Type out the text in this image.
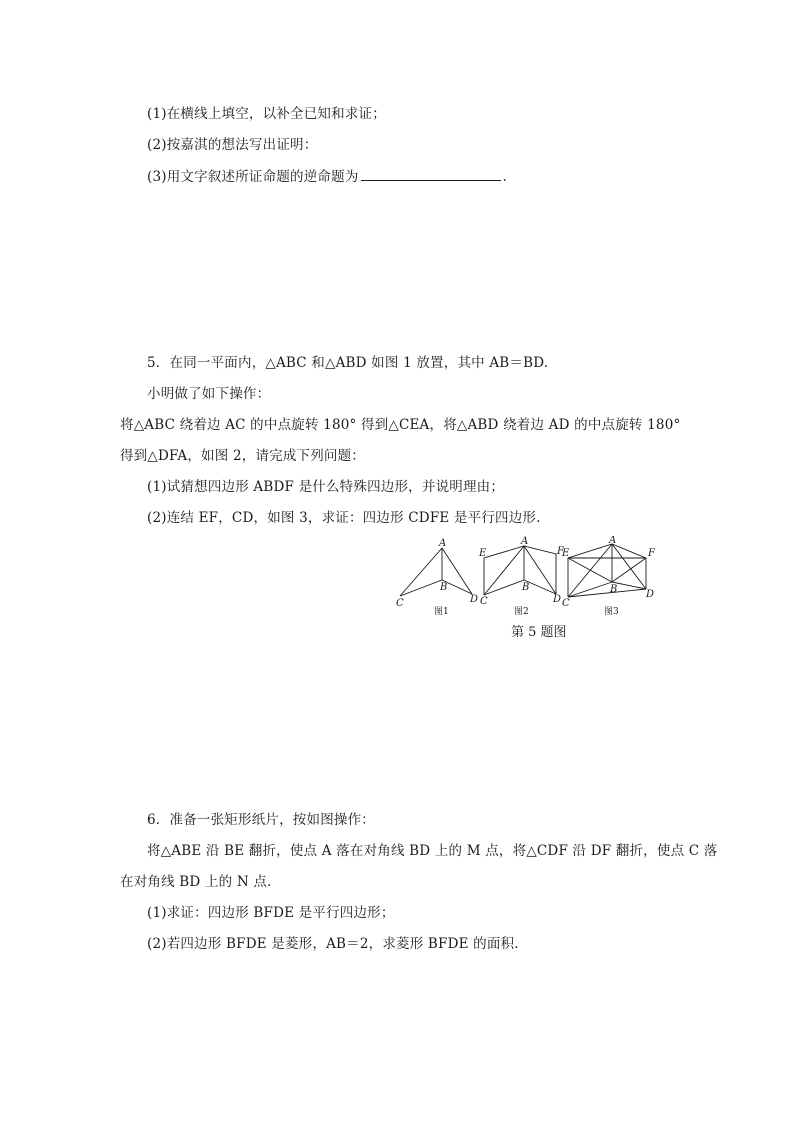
(1)在横线上填空，以补全已知和求证；
(2)按嘉淇的想法写出证明：
(3)用文字叙述所证命题的逆命题为	.
5．在同一平面内，△ABC 和△ABD 如图 1 放置，其中 AB＝BD.
小明做了如下操作：
将△ABC 绕着边 AC 的中点旋转 180° 得到△CEA，将△ABD 绕着边 AD 的中点旋转 180°
得到△DFA，如图 2，请完成下列问题：
(1)试猜想四边形 ABDF 是什么特殊四边形，并说明理由；
(2)连结 EF，CD，如图 3，求证：四边形 CDFE 是平行四边形.
A
B
C	D
E
A
F
B
C	D
E
A
F
B
C
D
图1	图2	图3
第 5 题图
6．准备一张矩形纸片，按如图操作：
将△ABE 沿 BE 翻折，使点 A 落在对角线 BD 上的 M 点，将△CDF 沿 DF 翻折，使点 C 落
在对角线 BD 上的 N 点.
(1)求证：四边形 BFDE 是平行四边形；
(2)若四边形 BFDE 是菱形，AB＝2，求菱形 BFDE 的面积.
